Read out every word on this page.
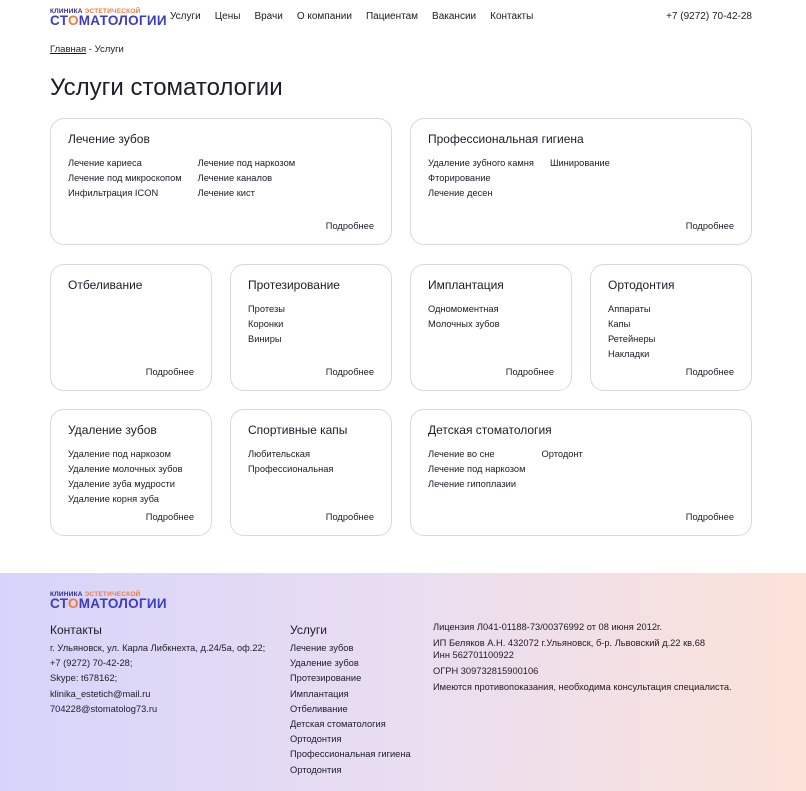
КЛИНИКА ЭСТЕТИЧЕСКОЙ
СТОМАТОЛОГИИ Услуги Цены Врачи О компании Пациентам Вакансии Контакты	+7 (9272) 70-42-28
Главная - Услуги
Услуги стоматологии
Лечение зубов
Лечение кариеса
Лечение под микроскопом
Инфильтрация ICON
Лечение под наркозом
Лечение каналов
Лечение кист
Подробнее
Профессиональная гигиена
Удаление зубного камня
Фторирование
Лечение десен
Шинирование
Подробнее
Отбеливание
Подробнее
Протезирование
Протезы
Коронки
Виниры
Подробнее
Имплантация
Одномоментная
Молочных зубов
Подробнее
Ортодонтия
Аппараты
Капы
Ретейнеры
Накладки
Подробнее
Удаление зубов
Удаление под наркозом
Удаление молочных зубов
Удаление зуба мудрости
Удаление корня зуба
Подробнее
Спортивные капы
Любительская
Профессиональная
Подробнее
Детская стоматология
Лечение во сне
Лечение под наркозом
Лечение гипоплазии
Ортодонт
Подробнее
КЛИНИКА ЭСТЕТИЧЕСКОЙ
СТОМАТОЛОГИИ
Контакты
г. Ульяновск, ул. Карла Либкнехта, д.24/5а, оф.22;
+7 (9272) 70-42-28;
Skype: t678162;
klinika_estetich@mail.ru
704228@stomatolog73.ru
Услуги
Лечение зубов
Удаление зубов
Протезирование
Имплантация
Отбеливание
Детская стоматология
Ортодонтия
Профессиональная гигиена
Ортодонтия
Лицензия Л041-01188-73/00376992 от 08 июня 2012г.
ИП Беляков А.Н. 432072 г.Ульяновск, б-р. Львовский д.22 кв.68
Инн 562701100922
ОГРН 309732815900106
Имеются противопоказания, необходима консультация специалиста.
